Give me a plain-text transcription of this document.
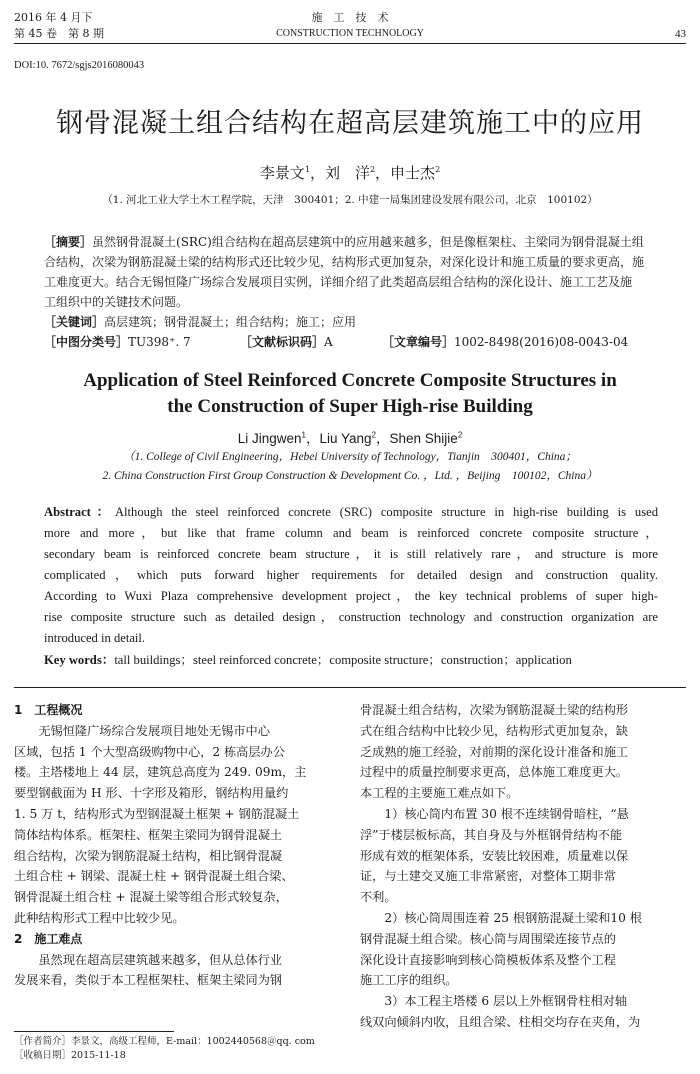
2016 年 4 月下
第 45 卷　第 8 期
施　工　技　术
CONSTRUCTION TECHNOLOGY	43
DOI:10. 7672/sgjs2016080043
钢骨混凝土组合结构在超高层建筑施工中的应用
李景文$^1$，刘　洋$^2$，申士杰$^2$
（1. 河北工业大学土木工程学院，天津　300401；2. 中建一局集团建设发展有限公司，北京　100102）
［摘要］虽然钢骨混凝土(SRC)组合结构在超高层建筑中的应用越来越多，但是像框架柱、主梁同为钢骨混凝土组
合结构，次梁为钢筋混凝土梁的结构形式还比较少见，结构形式更加复杂，对深化设计和施工质量的要求更高，施
工难度更大。结合无锡恒隆广场综合发展项目实例，详细介绍了此类超高层组合结构的深化设计、施工工艺及施
工组织中的关键技术问题。
［关键词］高层建筑；钢骨混凝土；组合结构；施工；应用
［中图分类号］TU398⁺. 7	［文献标识码］A	［文章编号］1002-8498(2016)08-0043-04
Application of Steel Reinforced Concrete Composite Structures in
the Construction of Super High-rise Building
Li Jingwen$^1$，Liu Yang$^2$，Shen Shijie$^2$
（1. College of Civil Engineering，Hebei University of Technology，Tianjin　300401，China；
2. China Construction First Group Construction & Development Co. ，Ltd. ，Beijing　100102，China）
Abstract：Although the steel reinforced concrete (SRC) composite structure in high-rise building is used
more and more，but like that frame column and beam is reinforced concrete composite structure，
secondary beam is reinforced concrete beam structure，it is still relatively rare，and structure is more
complicated，which puts forward higher requirements for detailed design and construction quality.
According to Wuxi Plaza comprehensive development project，the key technical problems of super high-
rise composite structure such as detailed design，construction technology and construction organization are
introduced in detail.
Key words：tall buildings；steel reinforced concrete；composite structure；construction；application
1　工程概况
　　无锡恒隆广场综合发展项目地处无锡市中心
区域，包括 1 个大型高级购物中心，2 栋高层办公
楼。主塔楼地上 44 层，建筑总高度为 249. 09m，主
要型钢截面为 H 形、十字形及箱形，钢结构用量约
1. 5 万 t，结构形式为型钢混凝土框架 + 钢筋混凝土
筒体结构体系。框架柱、框架主梁同为钢骨混凝土
组合结构，次梁为钢筋混凝土结构，相比钢骨混凝
土组合柱 + 钢梁、混凝土柱 + 钢骨混凝土组合梁、
钢骨混凝土组合柱 + 混凝土梁等组合形式较复杂，
此种结构形式工程中比较少见。
2　施工难点
　　虽然现在超高层建筑越来越多，但从总体行业
发展来看，类似于本工程框架柱、框架主梁同为钢
［作者简介］李景文，高级工程师，E-mail：1002440568＠qq. com
［收稿日期］2015-11-18
骨混凝土组合结构，次梁为钢筋混凝土梁的结构形
式在组合结构中比较少见，结构形式更加复杂，缺
乏成熟的施工经验，对前期的深化设计准备和施工
过程中的质量控制要求更高，总体施工难度更大。
本工程的主要施工难点如下。
　　1）核心筒内布置 30 根不连续钢骨暗柱，“悬
浮”于楼层板标高，其自身及与外框钢骨结构不能
形成有效的框架体系，安装比较困难，质量难以保
证，与土建交叉施工非常紧密，对整体工期非常
不利。
　　2）核心筒周围连着 25 根钢筋混凝土梁和10 根
钢骨混凝土组合梁。核心筒与周围梁连接节点的
深化设计直接影响到核心筒模板体系及整个工程
施工工序的组织。
　　3）本工程主塔楼 6 层以上外框钢骨柱相对轴
线双向倾斜内收，且组合梁、柱相交均存在夹角，为
